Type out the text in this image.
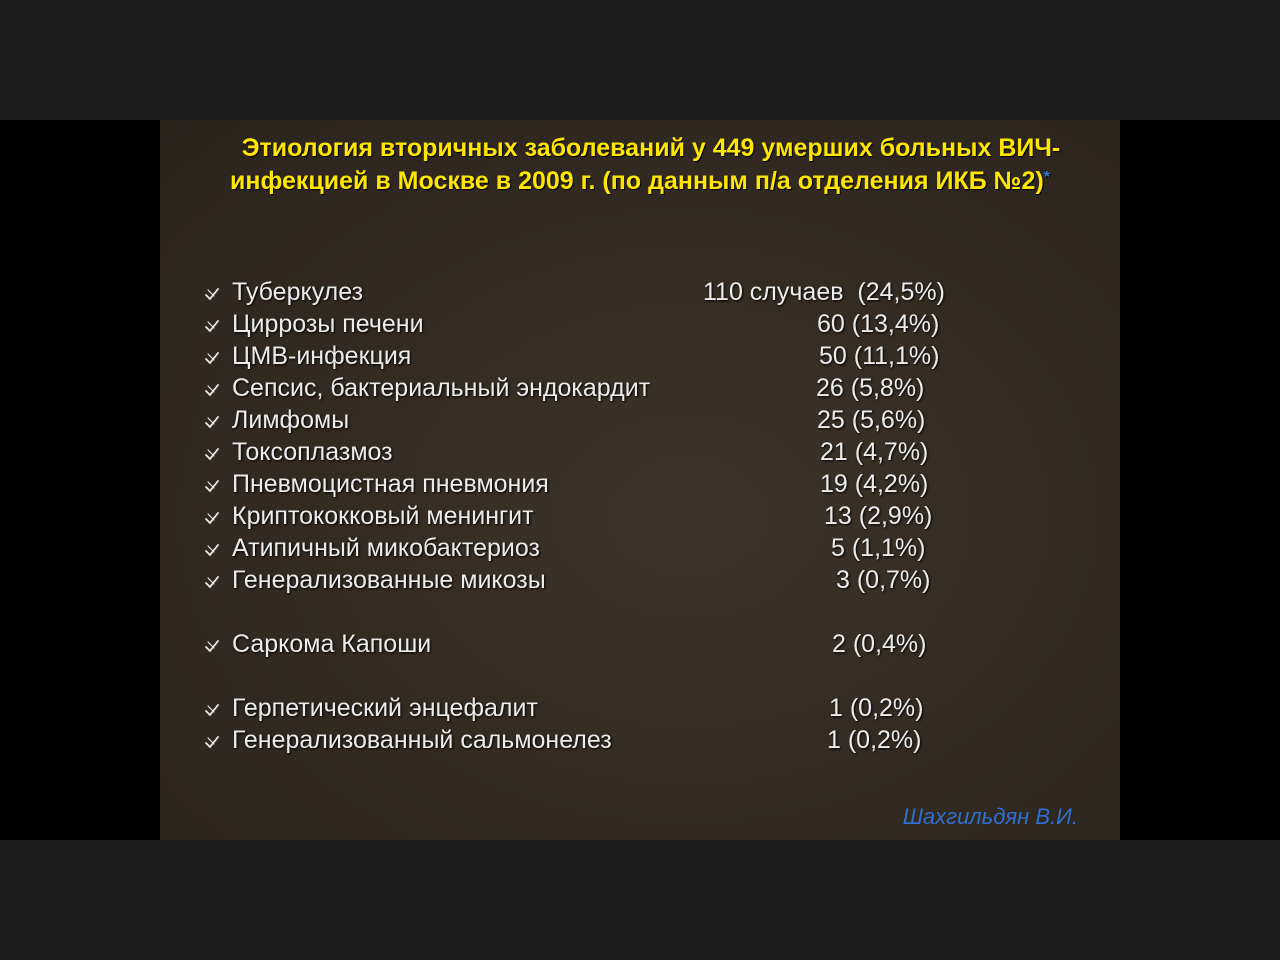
Этиология вторичных заболеваний у 449 умерших больных ВИЧ-
инфекцией в Москве в 2009 г. (по данным п/а отделения ИКБ №2)*
Туберкулез	110 случаев  (24,5%)
Циррозы печени	60 (13,4%)
ЦМВ-инфекция	50 (11,1%)
Сепсис, бактериальный эндокардит	26 (5,8%)
Лимфомы	25 (5,6%)
Токсоплазмоз	21 (4,7%)
Пневмоцистная пневмония	19 (4,2%)
Криптококковый менингит	13 (2,9%)
Атипичный микобактериоз	5 (1,1%)
Генерализованные микозы	3 (0,7%)
Саркома Капоши	2 (0,4%)
Герпетический энцефалит	1 (0,2%)
Генерализованный сальмонелез	1 (0,2%)
Шахгильдян В.И.
